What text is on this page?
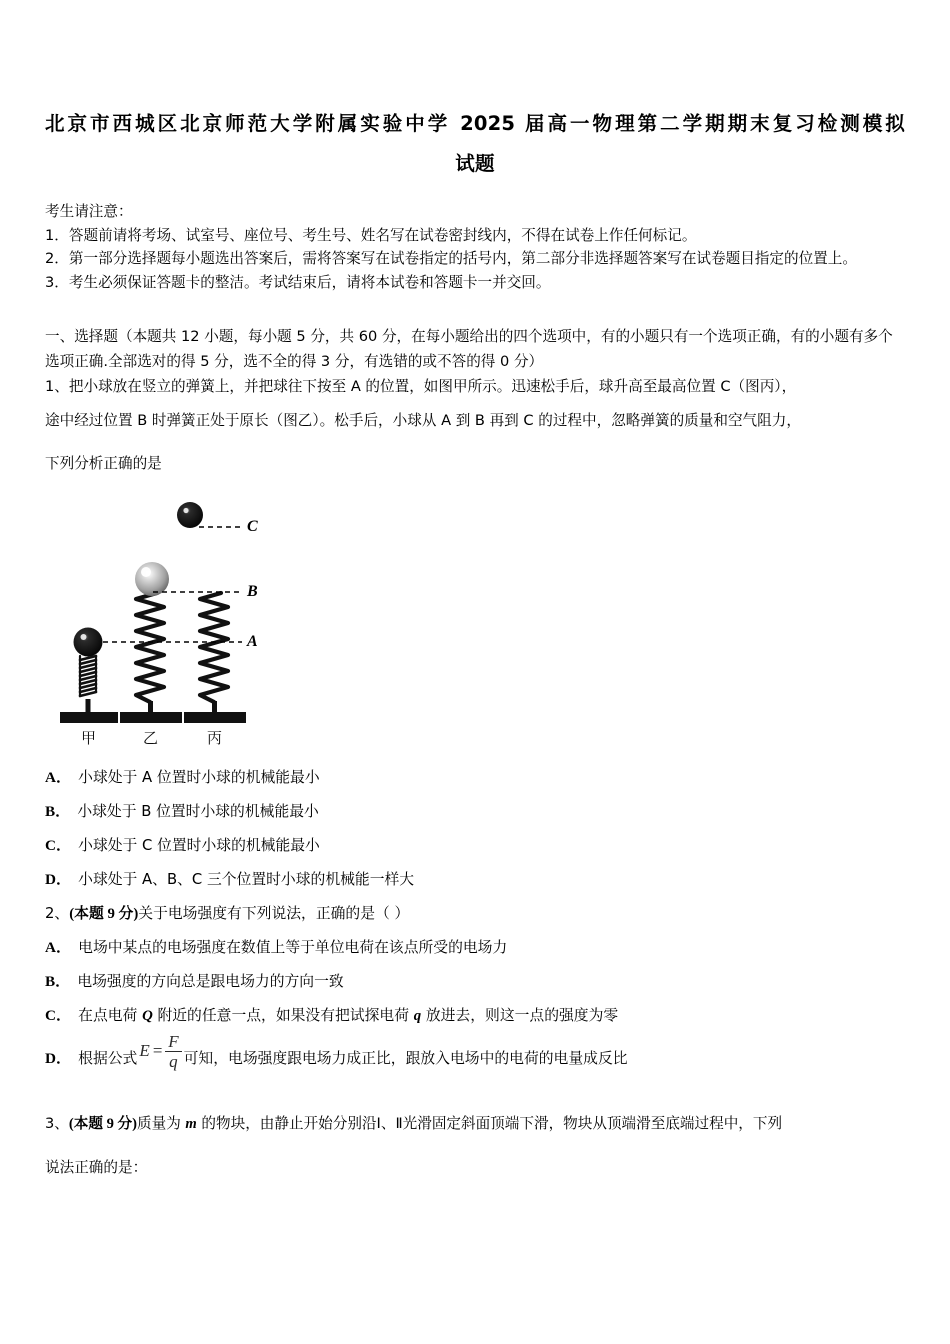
北京市西城区北京师范大学附属实验中学 2025 届高一物理第二学期期末复习检测模拟
试题
考生请注意：
1．答题前请将考场、试室号、座位号、考生号、姓名写在试卷密封线内，不得在试卷上作任何标记。
2．第一部分选择题每小题选出答案后，需将答案写在试卷指定的括号内，第二部分非选择题答案写在试卷题目指定的位置上。
3．考生必须保证答题卡的整洁。考试结束后，请将本试卷和答题卡一并交回。
一、选择题（本题共 12 小题，每小题 5 分，共 60 分，在每小题给出的四个选项中，有的小题只有一个选项正确，有的小题有多个选项正确.全部选对的得 5 分，选不全的得 3 分，有选错的或不答的得 0 分）
1、把小球放在竖立的弹簧上，并把球往下按至 A 的位置，如图甲所示。迅速松手后，球升高至最高位置 C（图丙），
途中经过位置 B 时弹簧正处于原长（图乙）。松手后，小球从 A 到 B 再到 C 的过程中，忽略弹簧的质量和空气阻力，
下列分析正确的是
C
B
A
甲	乙	丙
A． 小球处于 A 位置时小球的机械能最小
B． 小球处于 B 位置时小球的机械能最小
C． 小球处于 C 位置时小球的机械能最小
D． 小球处于 A、B、C 三个位置时小球的机械能一样大
2、(本题 9 分)关于电场强度有下列说法，正确的是（ ）
A． 电场中某点的电场强度在数值上等于单位电荷在该点所受的电场力
B． 电场强度的方向总是跟电场力的方向一致
C． 在点电荷 Q 附近的任意一点，如果没有把试探电荷 q 放进去，则这一点的强度为零
D． 根据公式 $E = \frac{F}{q}$ 可知，电场强度跟电场力成正比，跟放入电场中的电荷的电量成反比
3、(本题 9 分)质量为 m 的物块，由静止开始分别沿Ⅰ、Ⅱ光滑固定斜面顶端下滑，物块从顶端滑至底端过程中，下列
说法正确的是：
